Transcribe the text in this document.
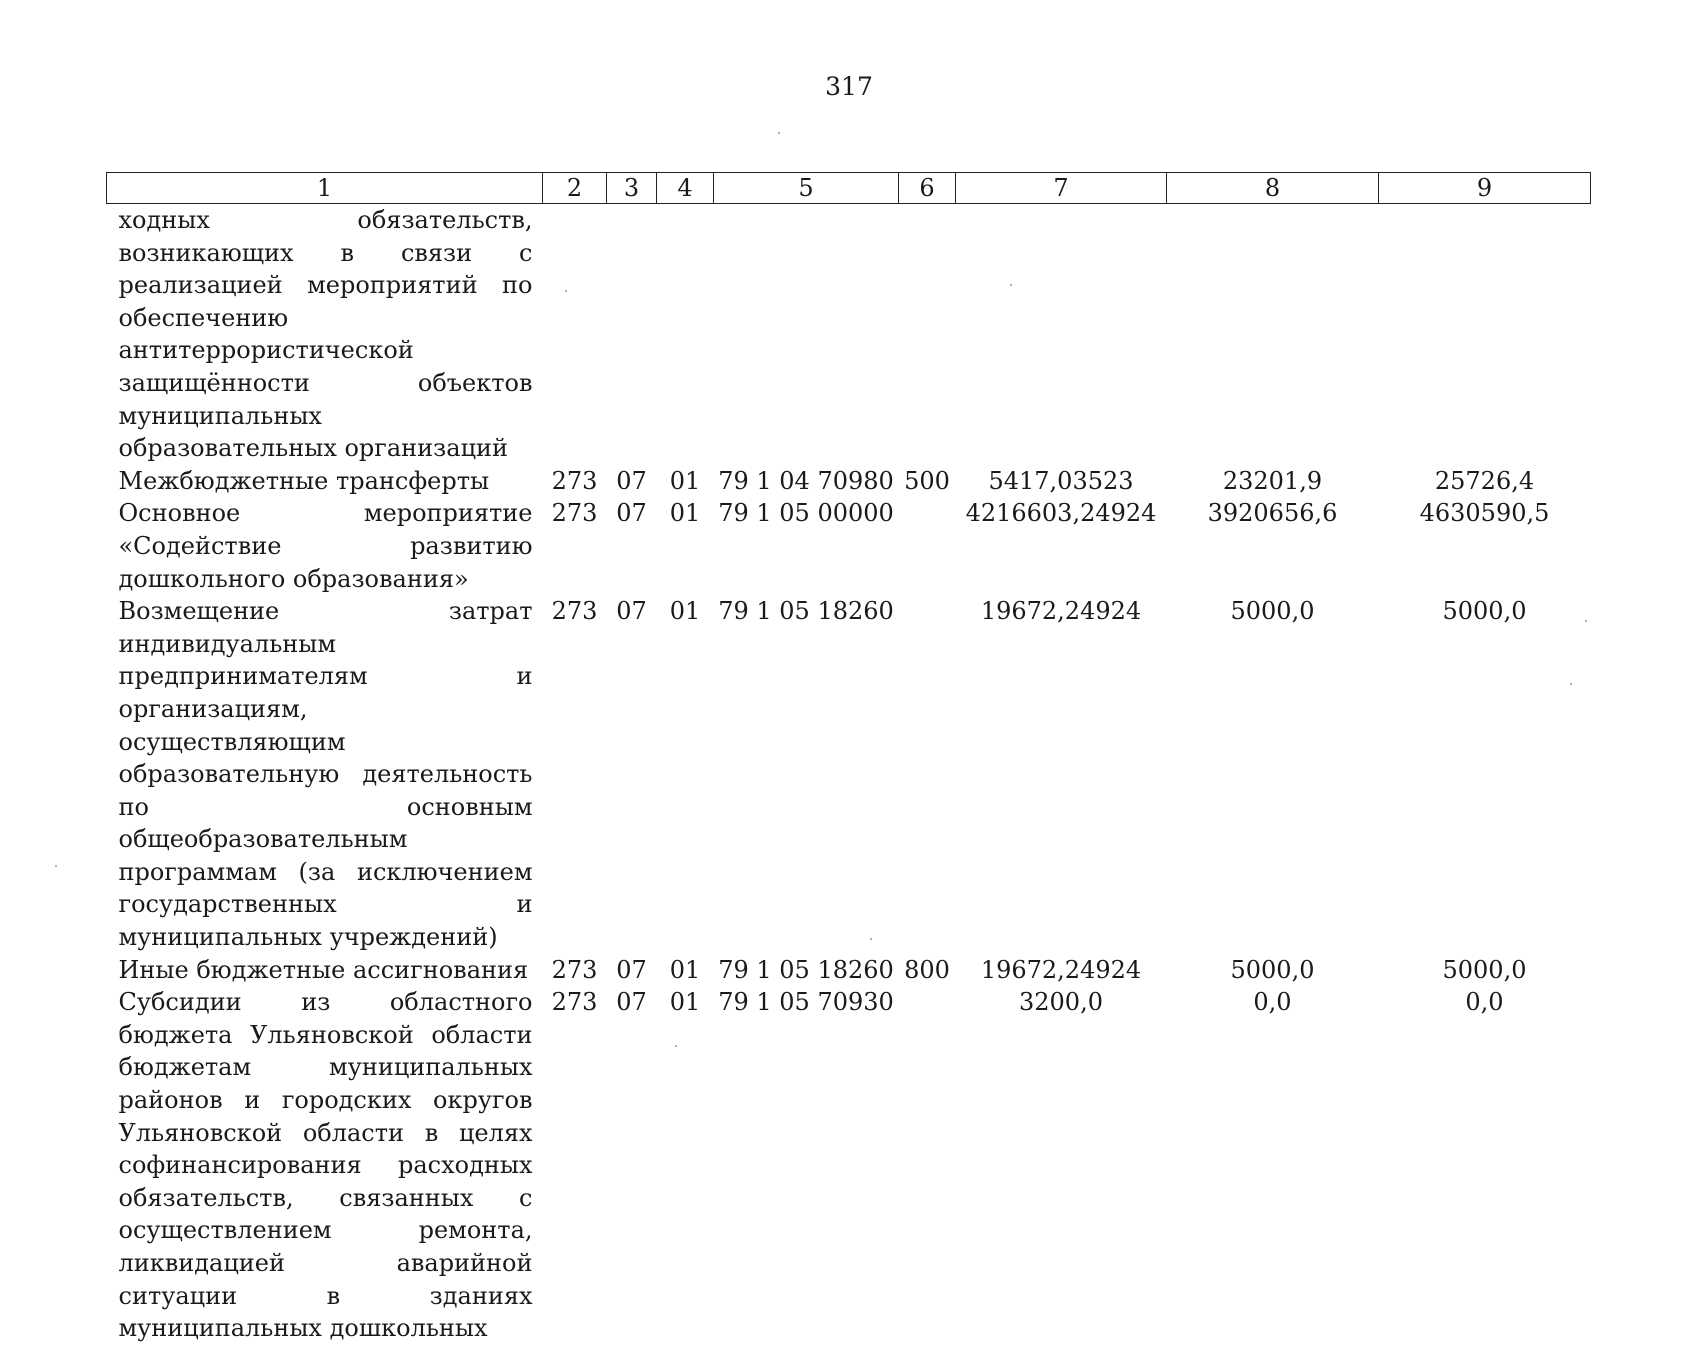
317
1	2	3	4	5	6	7	8	9
ходных обязательств, возникающих в связи с реализацией мероприятий по обеспечению антитеррористической защищённости объектов муниципальных образовательных организаций								
Межбюджетные трансферты	273	07	01	79 1 04 70980	500	5417,03523	23201,9	25726,4
Основное мероприятие «Содействие развитию дошкольного образования»	273	07	01	79 1 05 00000		4216603,24924	3920656,6	4630590,5
Возмещение затрат индивидуальным предпринимателям и организациям, осуществляющим образовательную деятельность по основным общеобразовательным программам (за исключением государственных и муниципальных учреждений)	273	07	01	79 1 05 18260		19672,24924	5000,0	5000,0
Иные бюджетные ассигнования	273	07	01	79 1 05 18260	800	19672,24924	5000,0	5000,0
Субсидии из областного бюджета Ульяновской области бюджетам муниципальных районов и городских округов Ульяновской области в целях софинансирования расходных обязательств, связанных с осуществлением ремонта, ликвидацией аварийной ситуации в зданиях муниципальных дошкольных	273	07	01	79 1 05 70930		3200,0	0,0	0,0
